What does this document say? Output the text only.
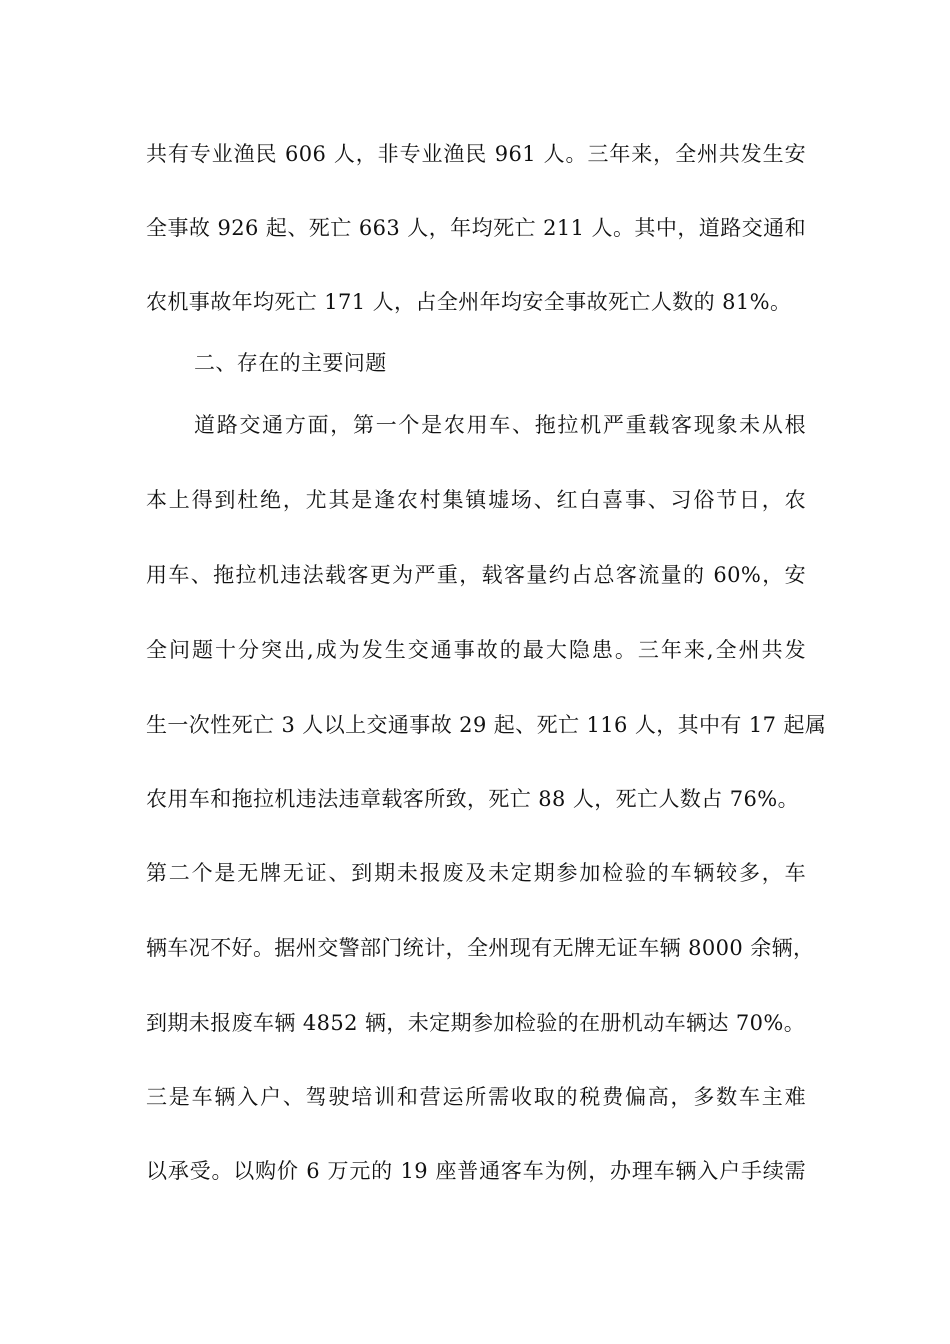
共有专业渔民 606 人，非专业渔民 961 人。三年来，全州共发生安
全事故 926 起、死亡 663 人，年均死亡 211 人。其中，道路交通和
农机事故年均死亡 171 人，占全州年均安全事故死亡人数的 81%。
二、存在的主要问题
道路交通方面，第一个是农用车、拖拉机严重载客现象未从根
本上得到杜绝，尤其是逢农村集镇墟场、红白喜事、习俗节日，农
用车、拖拉机违法载客更为严重，载客量约占总客流量的 60%，安
全问题十分突出,成为发生交通事故的最大隐患。三年来,全州共发
生一次性死亡 3 人以上交通事故 29 起、死亡 116 人，其中有 17 起属
农用车和拖拉机违法违章载客所致，死亡 88 人，死亡人数占 76%。
第二个是无牌无证、到期未报废及未定期参加检验的车辆较多，车
辆车况不好。据州交警部门统计，全州现有无牌无证车辆 8000 余辆，
到期未报废车辆 4852 辆，未定期参加检验的在册机动车辆达 70%。
三是车辆入户、驾驶培训和营运所需收取的税费偏高，多数车主难
以承受。以购价 6 万元的 19 座普通客车为例，办理车辆入户手续需
